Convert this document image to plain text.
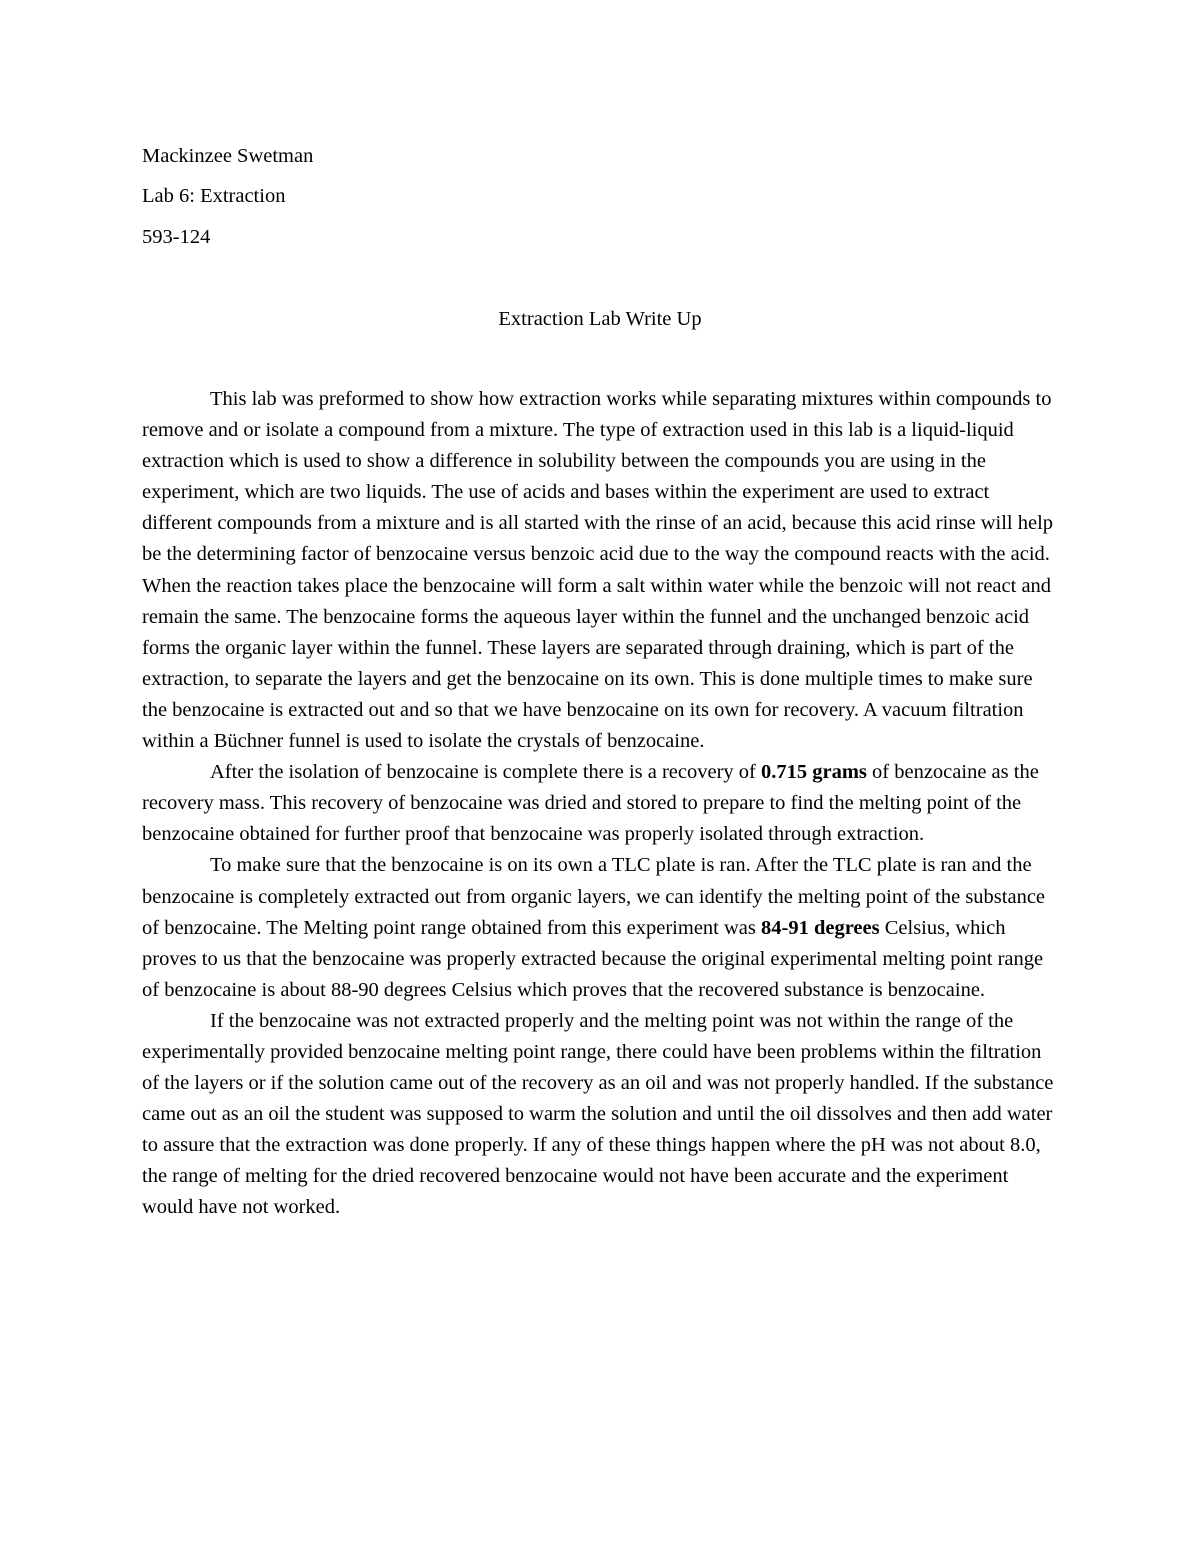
Mackinzee Swetman
Lab 6: Extraction
593-124
Extraction Lab Write Up

This lab was preformed to show how extraction works while separating mixtures within compounds to remove and or isolate a compound from a mixture. The type of extraction used in this lab is a liquid-liquid extraction which is used to show a difference in solubility between the compounds you are using in the experiment, which are two liquids. The use of acids and bases within the experiment are used to extract different compounds from a mixture and is all started with the rinse of an acid, because this acid rinse will help be the determining factor of benzocaine versus benzoic acid due to the way the compound reacts with the acid. When the reaction takes place the benzocaine will form a salt within water while the benzoic will not react and remain the same. The benzocaine forms the aqueous layer within the funnel and the unchanged benzoic acid forms the organic layer within the funnel. These layers are separated through draining, which is part of the extraction, to separate the layers and get the benzocaine on its own. This is done multiple times to make sure the benzocaine is extracted out and so that we have benzocaine on its own for recovery. A vacuum filtration within a Büchner funnel is used to isolate the crystals of benzocaine.

After the isolation of benzocaine is complete there is a recovery of 0.715 grams of benzocaine as the recovery mass. This recovery of benzocaine was dried and stored to prepare to find the melting point of the benzocaine obtained for further proof that benzocaine was properly isolated through extraction.

To make sure that the benzocaine is on its own a TLC plate is ran. After the TLC plate is ran and the benzocaine is completely extracted out from organic layers, we can identify the melting point of the substance of benzocaine. The Melting point range obtained from this experiment was 84-91 degrees Celsius, which proves to us that the benzocaine was properly extracted because the original experimental melting point range of benzocaine is about 88-90 degrees Celsius which proves that the recovered substance is benzocaine.

If the benzocaine was not extracted properly and the melting point was not within the range of the experimentally provided benzocaine melting point range, there could have been problems within the filtration of the layers or if the solution came out of the recovery as an oil and was not properly handled. If the substance came out as an oil the student was supposed to warm the solution and until the oil dissolves and then add water to assure that the extraction was done properly. If any of these things happen where the pH was not about 8.0, the range of melting for the dried recovered benzocaine would not have been accurate and the experiment would have not worked.
